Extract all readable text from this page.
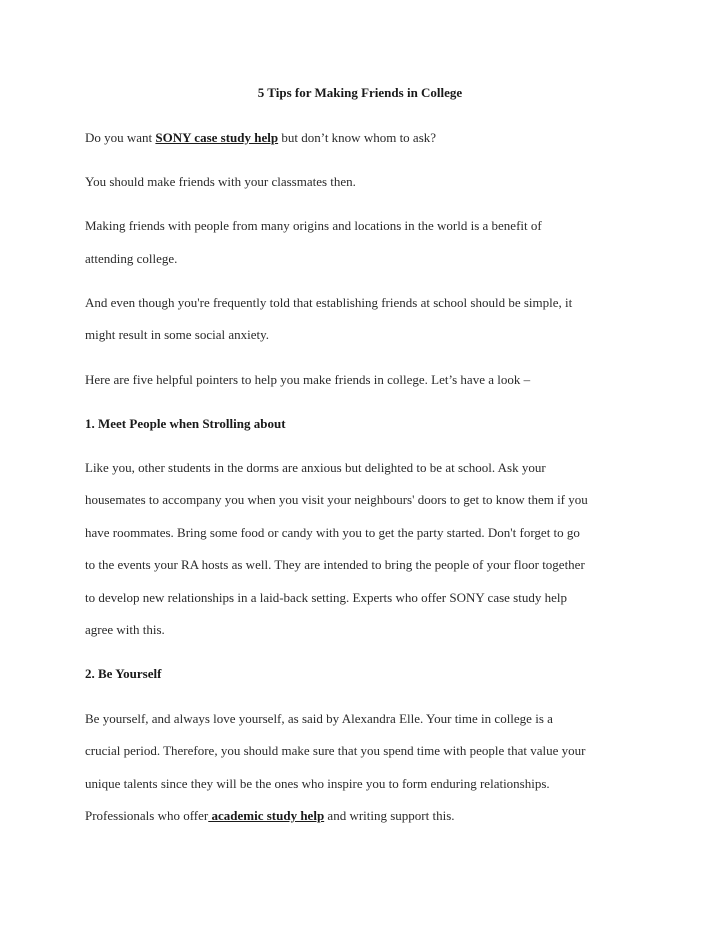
5 Tips for Making Friends in College
Do you want SONY case study help but don’t know whom to ask?
You should make friends with your classmates then.
Making friends with people from many origins and locations in the world is a benefit of
attending college.
And even though you're frequently told that establishing friends at school should be simple, it
might result in some social anxiety.
Here are five helpful pointers to help you make friends in college. Let’s have a look –
1. Meet People when Strolling about
Like you, other students in the dorms are anxious but delighted to be at school. Ask your
housemates to accompany you when you visit your neighbours' doors to get to know them if you
have roommates. Bring some food or candy with you to get the party started. Don't forget to go
to the events your RA hosts as well. They are intended to bring the people of your floor together
to develop new relationships in a laid-back setting. Experts who offer SONY case study help
agree with this.
2. Be Yourself
Be yourself, and always love yourself, as said by Alexandra Elle. Your time in college is a
crucial period. Therefore, you should make sure that you spend time with people that value your
unique talents since they will be the ones who inspire you to form enduring relationships.
Professionals who offer academic study help and writing support this.
